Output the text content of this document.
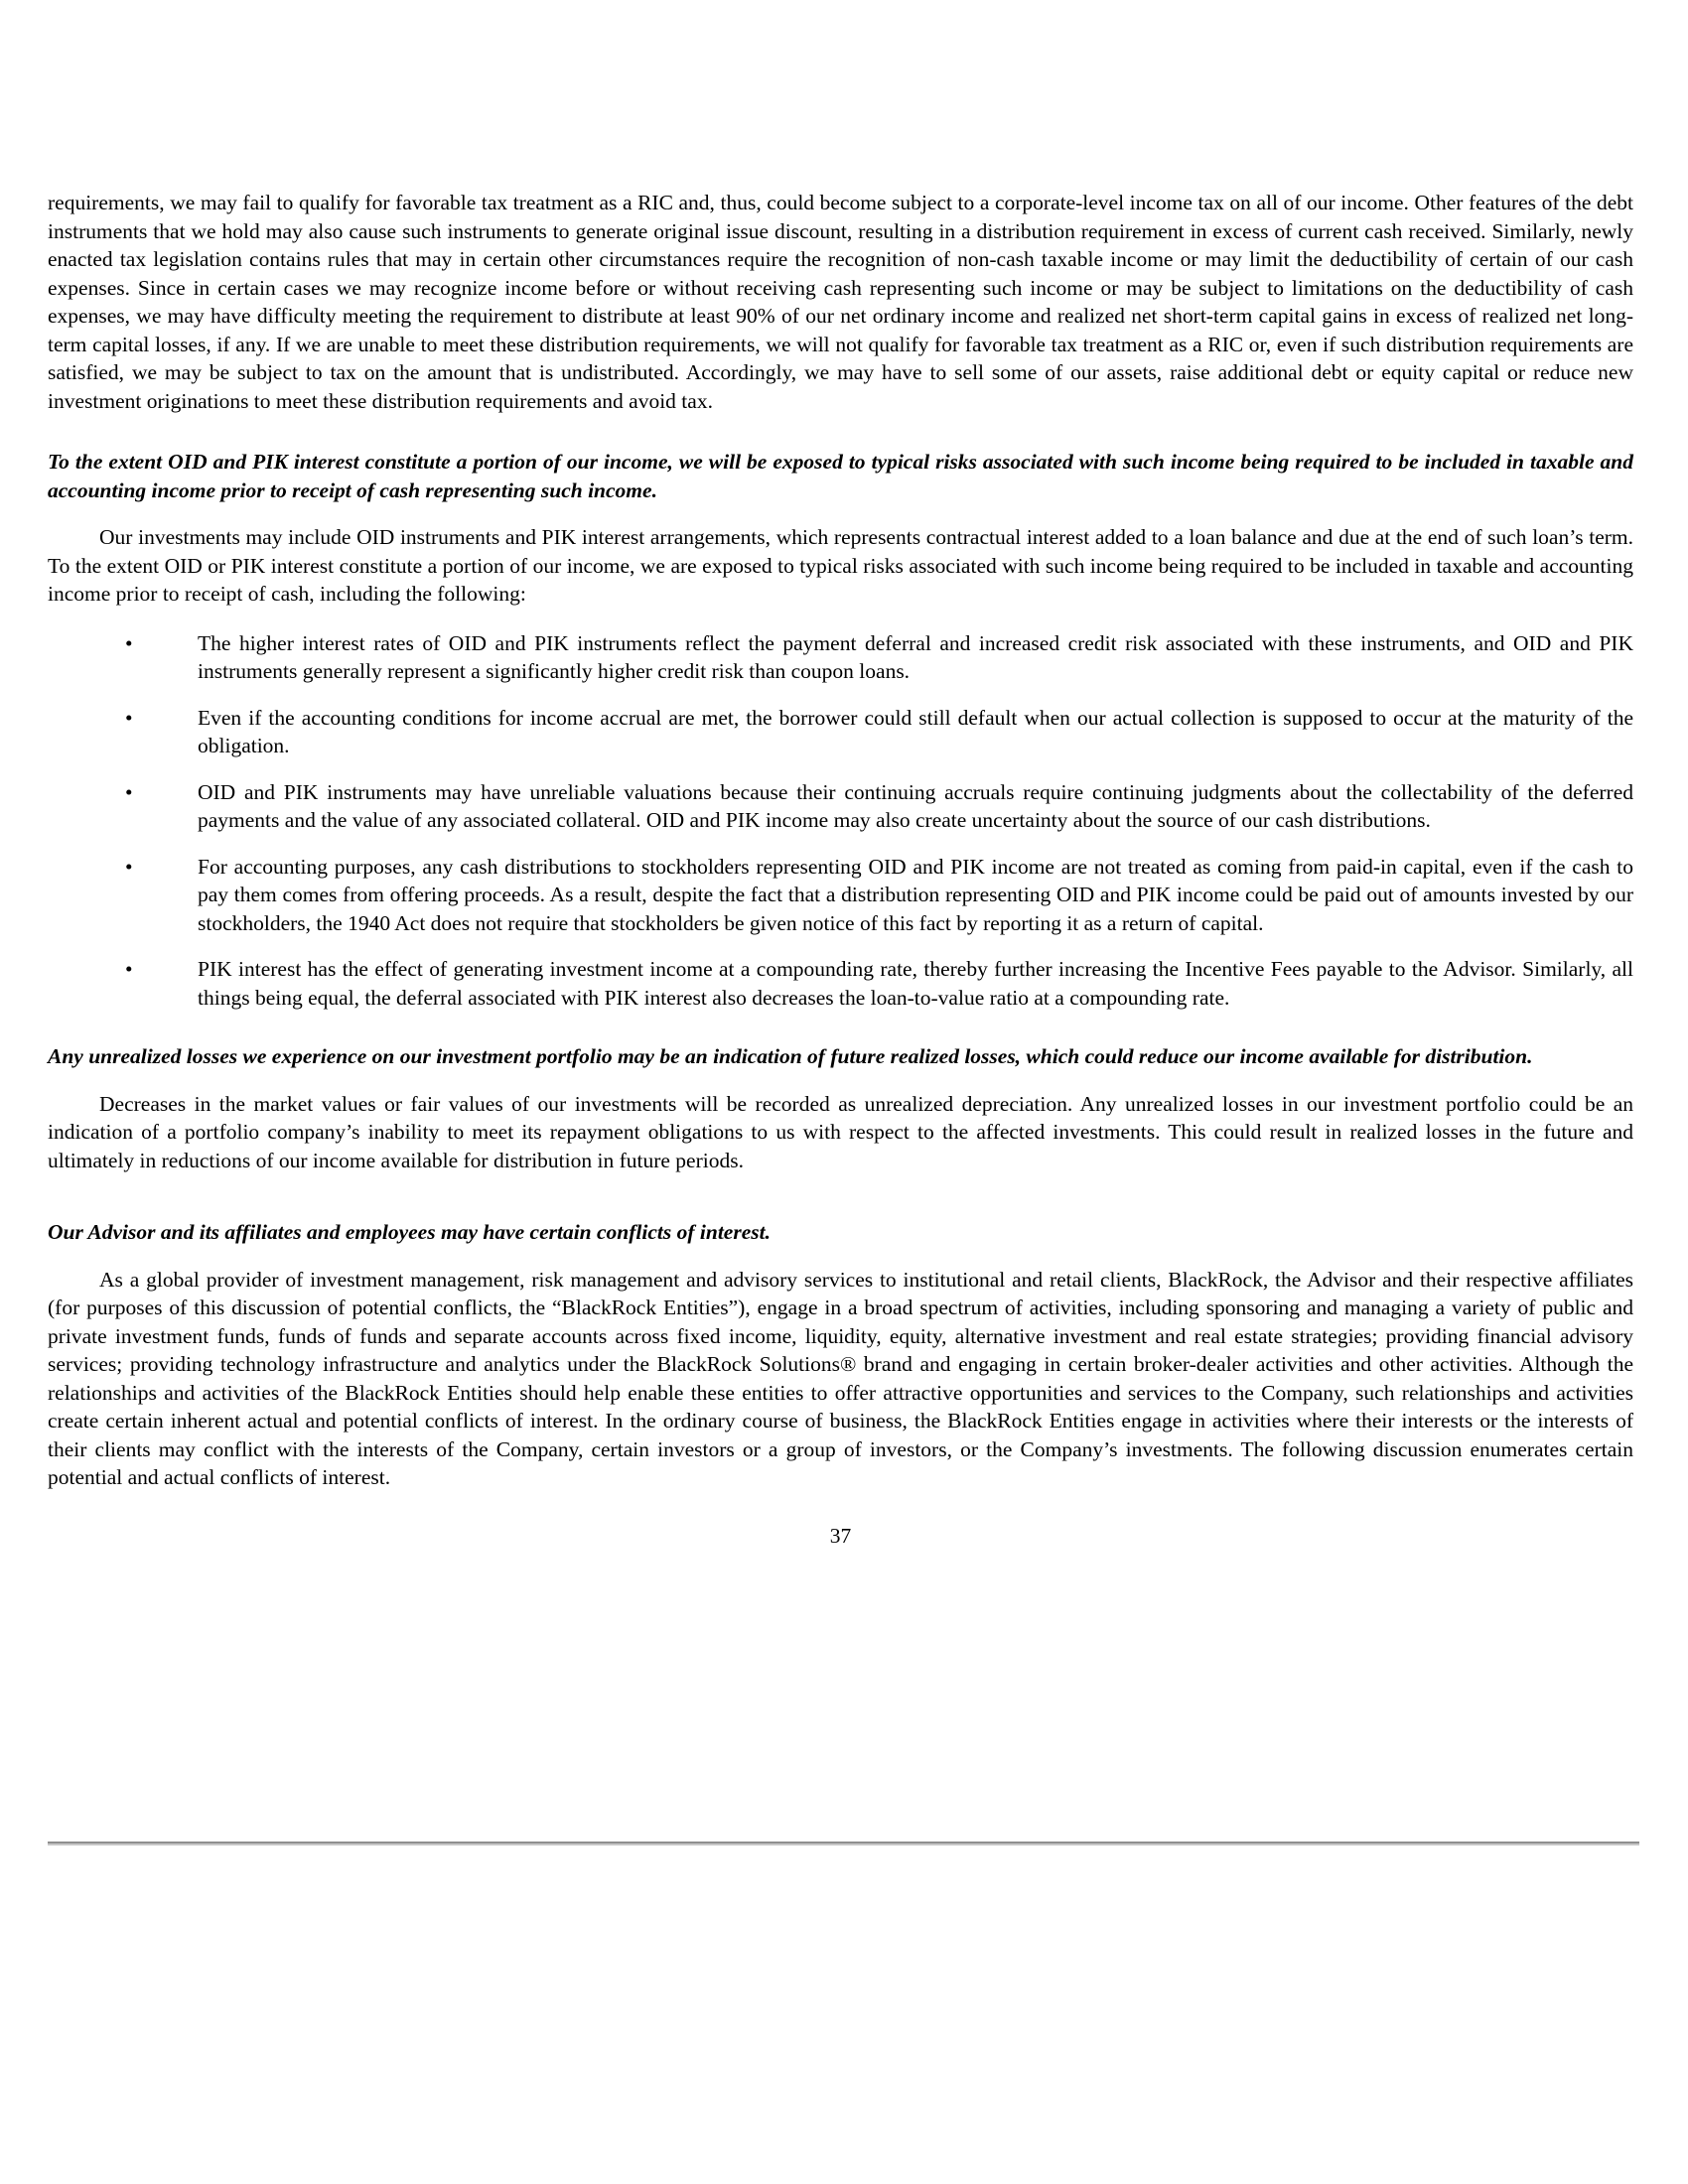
requirements, we may fail to qualify for favorable tax treatment as a RIC and, thus, could become subject to a corporate-level income tax on all of our income. Other features of the debt instruments that we hold may also cause such instruments to generate original issue discount, resulting in a distribution requirement in excess of current cash received. Similarly, newly enacted tax legislation contains rules that may in certain other circumstances require the recognition of non-cash taxable income or may limit the deductibility of certain of our cash expenses. Since in certain cases we may recognize income before or without receiving cash representing such income or may be subject to limitations on the deductibility of cash expenses, we may have difficulty meeting the requirement to distribute at least 90% of our net ordinary income and realized net short-term capital gains in excess of realized net long-term capital losses, if any. If we are unable to meet these distribution requirements, we will not qualify for favorable tax treatment as a RIC or, even if such distribution requirements are satisfied, we may be subject to tax on the amount that is undistributed. Accordingly, we may have to sell some of our assets, raise additional debt or equity capital or reduce new investment originations to meet these distribution requirements and avoid tax.

To the extent OID and PIK interest constitute a portion of our income, we will be exposed to typical risks associated with such income being required to be included in taxable and accounting income prior to receipt of cash representing such income.

Our investments may include OID instruments and PIK interest arrangements, which represents contractual interest added to a loan balance and due at the end of such loan’s term. To the extent OID or PIK interest constitute a portion of our income, we are exposed to typical risks associated with such income being required to be included in taxable and accounting income prior to receipt of cash, including the following:

•	The higher interest rates of OID and PIK instruments reflect the payment deferral and increased credit risk associated with these instruments, and OID and PIK instruments generally represent a significantly higher credit risk than coupon loans.
•	Even if the accounting conditions for income accrual are met, the borrower could still default when our actual collection is supposed to occur at the maturity of the obligation.
•	OID and PIK instruments may have unreliable valuations because their continuing accruals require continuing judgments about the collectability of the deferred payments and the value of any associated collateral. OID and PIK income may also create uncertainty about the source of our cash distributions.
•	For accounting purposes, any cash distributions to stockholders representing OID and PIK income are not treated as coming from paid-in capital, even if the cash to pay them comes from offering proceeds. As a result, despite the fact that a distribution representing OID and PIK income could be paid out of amounts invested by our stockholders, the 1940 Act does not require that stockholders be given notice of this fact by reporting it as a return of capital.
•	PIK interest has the effect of generating investment income at a compounding rate, thereby further increasing the Incentive Fees payable to the Advisor. Similarly, all things being equal, the deferral associated with PIK interest also decreases the loan-to-value ratio at a compounding rate.
Any unrealized losses we experience on our investment portfolio may be an indication of future realized losses, which could reduce our income available for distribution.

Decreases in the market values or fair values of our investments will be recorded as unrealized depreciation. Any unrealized losses in our investment portfolio could be an indication of a portfolio company’s inability to meet its repayment obligations to us with respect to the affected investments. This could result in realized losses in the future and ultimately in reductions of our income available for distribution in future periods.

Our Advisor and its affiliates and employees may have certain conflicts of interest.

As a global provider of investment management, risk management and advisory services to institutional and retail clients, BlackRock, the Advisor and their respective affiliates (for purposes of this discussion of potential conflicts, the “BlackRock Entities”), engage in a broad spectrum of activities, including sponsoring and managing a variety of public and private investment funds, funds of funds and separate accounts across fixed income, liquidity, equity, alternative investment and real estate strategies; providing financial advisory services; providing technology infrastructure and analytics under the BlackRock Solutions® brand and engaging in certain broker-dealer activities and other activities. Although the relationships and activities of the BlackRock Entities should help enable these entities to offer attractive opportunities and services to the Company, such relationships and activities create certain inherent actual and potential conflicts of interest. In the ordinary course of business, the BlackRock Entities engage in activities where their interests or the interests of their clients may conflict with the interests of the Company, certain investors or a group of investors, or the Company’s investments. The following discussion enumerates certain potential and actual conflicts of interest.

37
